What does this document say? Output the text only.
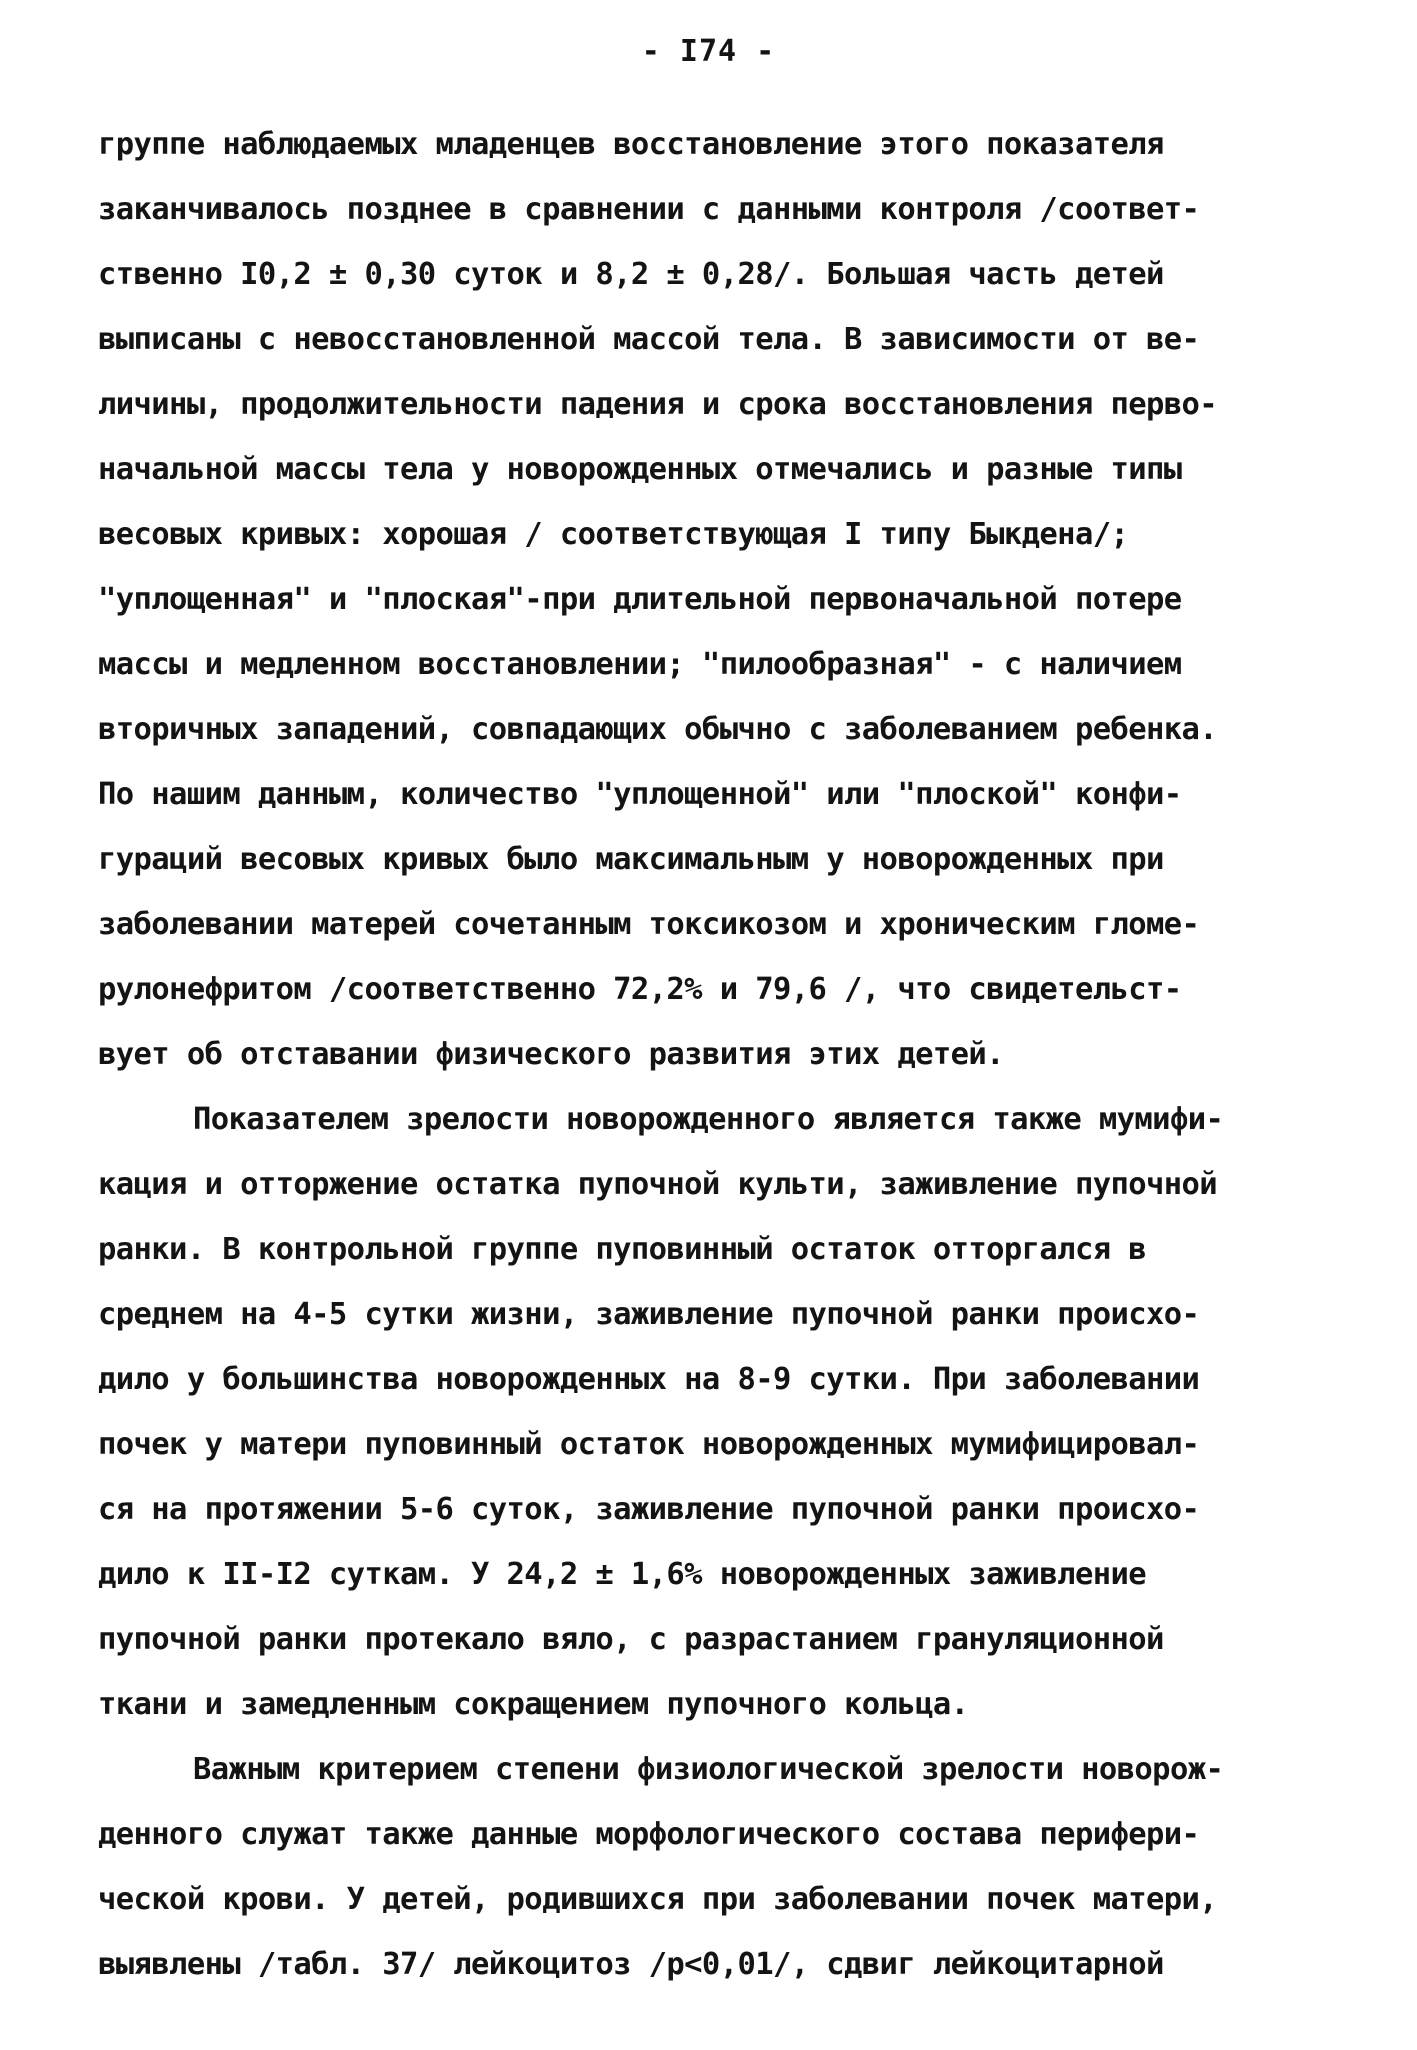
- I74 -
группе наблюдаемых младенцев восстановление этого показателя
заканчивалось позднее в сравнении с данными контроля /соответ-
ственно I0,2 ± 0,30 суток и 8,2 ± 0,28/. Большая часть детей
выписаны с невосстановленной массой тела. В зависимости от ве-
личины, продолжительности падения и срока восстановления перво-
начальной массы тела у новорожденных отмечались и разные типы
весовых кривых: хорошая / соответствующая I типу Быкдена/;
"уплощенная" и "плоская"-при длительной первоначальной потере
массы и медленном восстановлении; "пилообразная" - с наличием
вторичных западений, совпадающих обычно с заболеванием ребенка.
По нашим данным, количество "уплощенной" или "плоской" конфи-
гураций весовых кривых было максимальным у новорожденных при
заболевании матерей сочетанным токсикозом и хроническим гломе-
рулонефритом /соответственно 72,2% и 79,6 /, что свидетельст-
вует об отставании физического развития этих детей.
Показателем зрелости новорожденного является также мумифи-
кация и отторжение остатка пупочной культи, заживление пупочной
ранки. В контрольной группе пуповинный остаток отторгался в
среднем на 4-5 сутки жизни, заживление пупочной ранки происхо-
дило у большинства новорожденных на 8-9 сутки. При заболевании
почек у матери пуповинный остаток новорожденных мумифицировал-
ся на протяжении 5-6 суток, заживление пупочной ранки происхо-
дило к II-I2 суткам. У 24,2 ± 1,6% новорожденных заживление
пупочной ранки протекало вяло, с разрастанием грануляционной
ткани и замедленным сокращением пупочного кольца.
Важным критерием степени физиологической зрелости новорож-
денного служат также данные морфологического состава перифери-
ческой крови. У детей, родившихся при заболевании почек матери,
выявлены /табл. 37/ лейкоцитоз /р<0,01/, сдвиг лейкоцитарной
